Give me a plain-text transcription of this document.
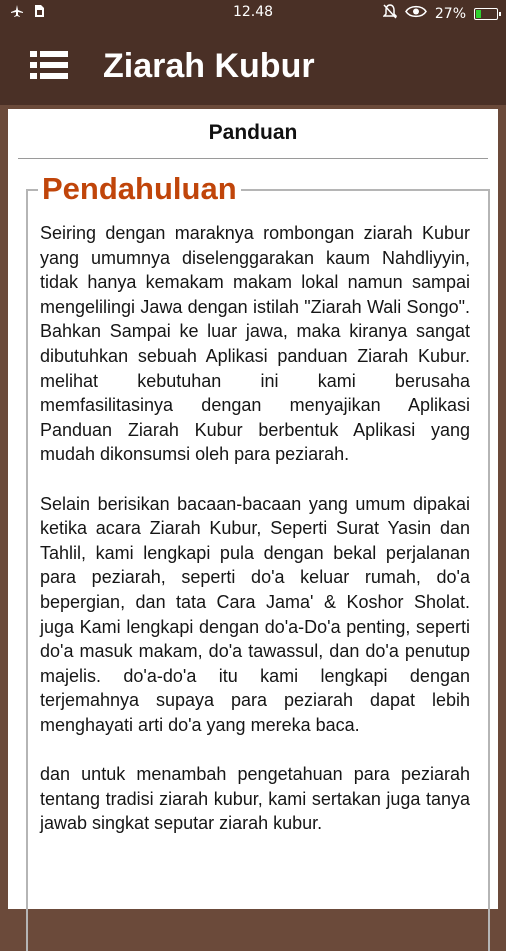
12.48	27%
Ziarah Kubur
Panduan
Pendahuluan

Seiring dengan maraknya rombongan ziarah Kubur yang umumnya diselenggarakan kaum Nahdliyyin, tidak hanya kemakam makam lokal namun sampai mengelilingi Jawa dengan istilah "Ziarah Wali Songo". Bahkan Sampai ke luar jawa, maka kiranya sangat dibutuhkan sebuah Aplikasi panduan Ziarah Kubur. melihat kebutuhan ini kami berusaha memfasilitasinya dengan menyajikan Aplikasi Panduan Ziarah Kubur berbentuk Aplikasi yang mudah dikonsumsi oleh para peziarah.

Selain berisikan bacaan-bacaan yang umum dipakai ketika acara Ziarah Kubur, Seperti Surat Yasin dan Tahlil, kami lengkapi pula dengan bekal perjalanan para peziarah, seperti do'a keluar rumah, do'a bepergian, dan tata Cara Jama' & Koshor Sholat. juga Kami lengkapi dengan do'a-Do'a penting, seperti do'a masuk makam, do'a tawassul, dan do'a penutup majelis. do'a-do'a itu kami lengkapi dengan terjemahnya supaya para peziarah dapat lebih menghayati arti do'a yang mereka baca.

dan untuk menambah pengetahuan para peziarah tentang tradisi ziarah kubur, kami sertakan juga tanya jawab singkat seputar ziarah kubur.
